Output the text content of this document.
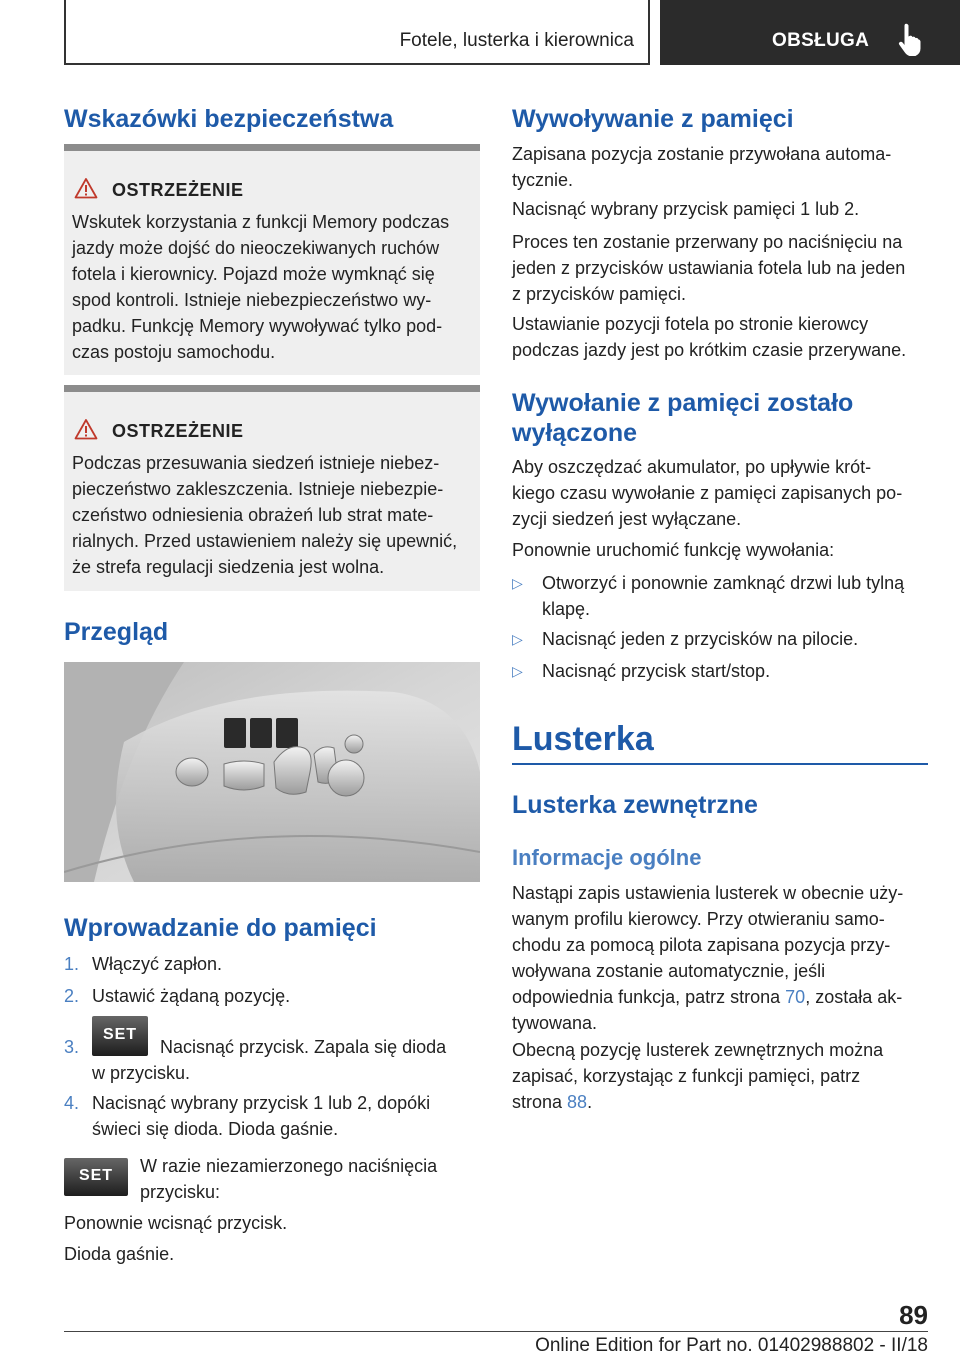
Fotele, lusterka i kierownica	OBSŁUGA
Wskazówki bezpieczeństwa
OSTRZEŻENIE
Wskutek korzystania z funkcji Memory podczas
jazdy może dojść do nieoczekiwanych ruchów
fotela i kierownicy. Pojazd może wymknąć się
spod kontroli. Istnieje niebezpieczeństwo wy-
padku. Funkcję Memory wywoływać tylko pod-
czas postoju samochodu.
OSTRZEŻENIE
Podczas przesuwania siedzeń istnieje niebez-
pieczeństwo zakleszczenia. Istnieje niebezpie-
czeństwo odniesienia obrażeń lub strat mate-
rialnych. Przed ustawieniem należy się upewnić,
że strefa regulacji siedzenia jest wolna.
Przegląd
Wprowadzanie do pamięci
1. Włączyć zapłon.
2. Ustawić żądaną pozycję.
3.SETNacisnąć przycisk. Zapala się dioda
w przycisku.
4. Nacisnąć wybrany przycisk 1 lub 2, dopóki
świeci się dioda. Dioda gaśnie.
SET	W razie niezamierzonego naciśnięcia
przycisku:
Ponownie wcisnąć przycisk.
Dioda gaśnie.
Wywoływanie z pamięci
Zapisana pozycja zostanie przywołana automa-
tycznie.
Nacisnąć wybrany przycisk pamięci 1 lub 2.
Proces ten zostanie przerwany po naciśnięciu na
jeden z przycisków ustawiania fotela lub na jeden
z przycisków pamięci.
Ustawianie pozycji fotela po stronie kierowcy
podczas jazdy jest po krótkim czasie przerywane.
Wywołanie z pamięci zostało
wyłączone
Aby oszczędzać akumulator, po upływie krót-
kiego czasu wywołanie z pamięci zapisanych po-
zycji siedzeń jest wyłączane.
Ponownie uruchomić funkcję wywołania:
▷ Otworzyć i ponownie zamknąć drzwi lub tylną
klapę.
▷ Nacisnąć jeden z przycisków na pilocie.
▷ Nacisnąć przycisk start/stop.
Lusterka
Lusterka zewnętrzne
Informacje ogólne
Nastąpi zapis ustawienia lusterek w obecnie uży-
wanym profilu kierowcy. Przy otwieraniu samo-
chodu za pomocą pilota zapisana pozycja przy-
woływana zostanie automatycznie, jeśli
odpowiednia funkcja, patrz strona 70, została ak-
tywowana.
Obecną pozycję lusterek zewnętrznych można
zapisać, korzystając z funkcji pamięci, patrz
strona 88.
89
Online Edition for Part no. 01402988802 - II/18
